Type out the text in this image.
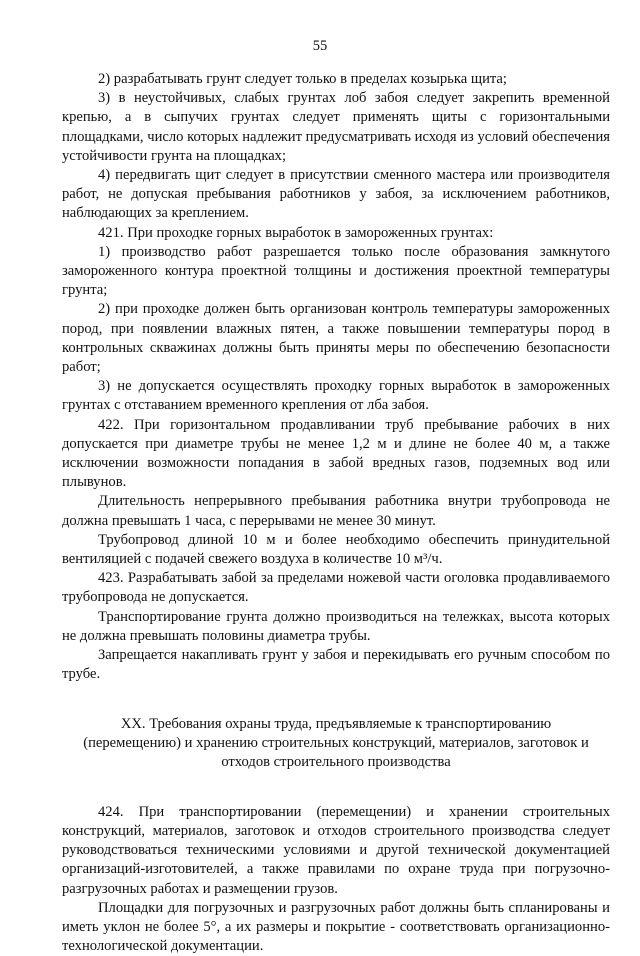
55

2) разрабатывать грунт следует только в пределах козырька щита;

3) в неустойчивых, слабых грунтах лоб забоя следует закрепить временной крепью, а в сыпучих грунтах следует применять щиты с горизонтальными площадками, число которых надлежит предусматривать исходя из условий обеспечения устойчивости грунта на площадках;

4) передвигать щит следует в присутствии сменного мастера или производителя работ, не допуская пребывания работников у забоя, за исключением работников, наблюдающих за креплением.

421. При проходке горных выработок в замороженных грунтах:

1) производство работ разрешается только после образования замкнутого замороженного контура проектной толщины и достижения проектной температуры грунта;

2) при проходке должен быть организован контроль температуры замороженных пород, при появлении влажных пятен, а также повышении температуры пород в контрольных скважинах должны быть приняты меры по обеспечению безопасности работ;

3) не допускается осуществлять проходку горных выработок в замороженных грунтах с отставанием временного крепления от лба забоя.

422. При горизонтальном продавливании труб пребывание рабочих в них допускается при диаметре трубы не менее 1,2 м и длине не более 40 м, а также исключении возможности попадания в забой вредных газов, подземных вод или плывунов.

Длительность непрерывного пребывания работника внутри трубопровода не должна превышать 1 часа, с перерывами не менее 30 минут.

Трубопровод длиной 10 м и более необходимо обеспечить принудительной вентиляцией с подачей свежего воздуха в количестве 10 м³/ч.

423. Разрабатывать забой за пределами ножевой части оголовка продавливаемого трубопровода не допускается.

Транспортирование грунта должно производиться на тележках, высота которых не должна превышать половины диаметра трубы.

Запрещается накапливать грунт у забоя и перекидывать его ручным способом по трубе.

XX. Требования охраны труда, предъявляемые к транспортированию
(перемещению) и хранению строительных конструкций, материалов, заготовок и
отходов строительного производства

424. При транспортировании (перемещении) и хранении строительных конструкций, материалов, заготовок и отходов строительного производства следует руководствоваться техническими условиями и другой технической документацией организаций-изготовителей, а также правилами по охране труда при погрузочно-разгрузочных работах и размещении грузов.

Площадки для погрузочных и разгрузочных работ должны быть спланированы и иметь уклон не более 5°, а их размеры и покрытие - соответствовать организационно-технологической документации.
